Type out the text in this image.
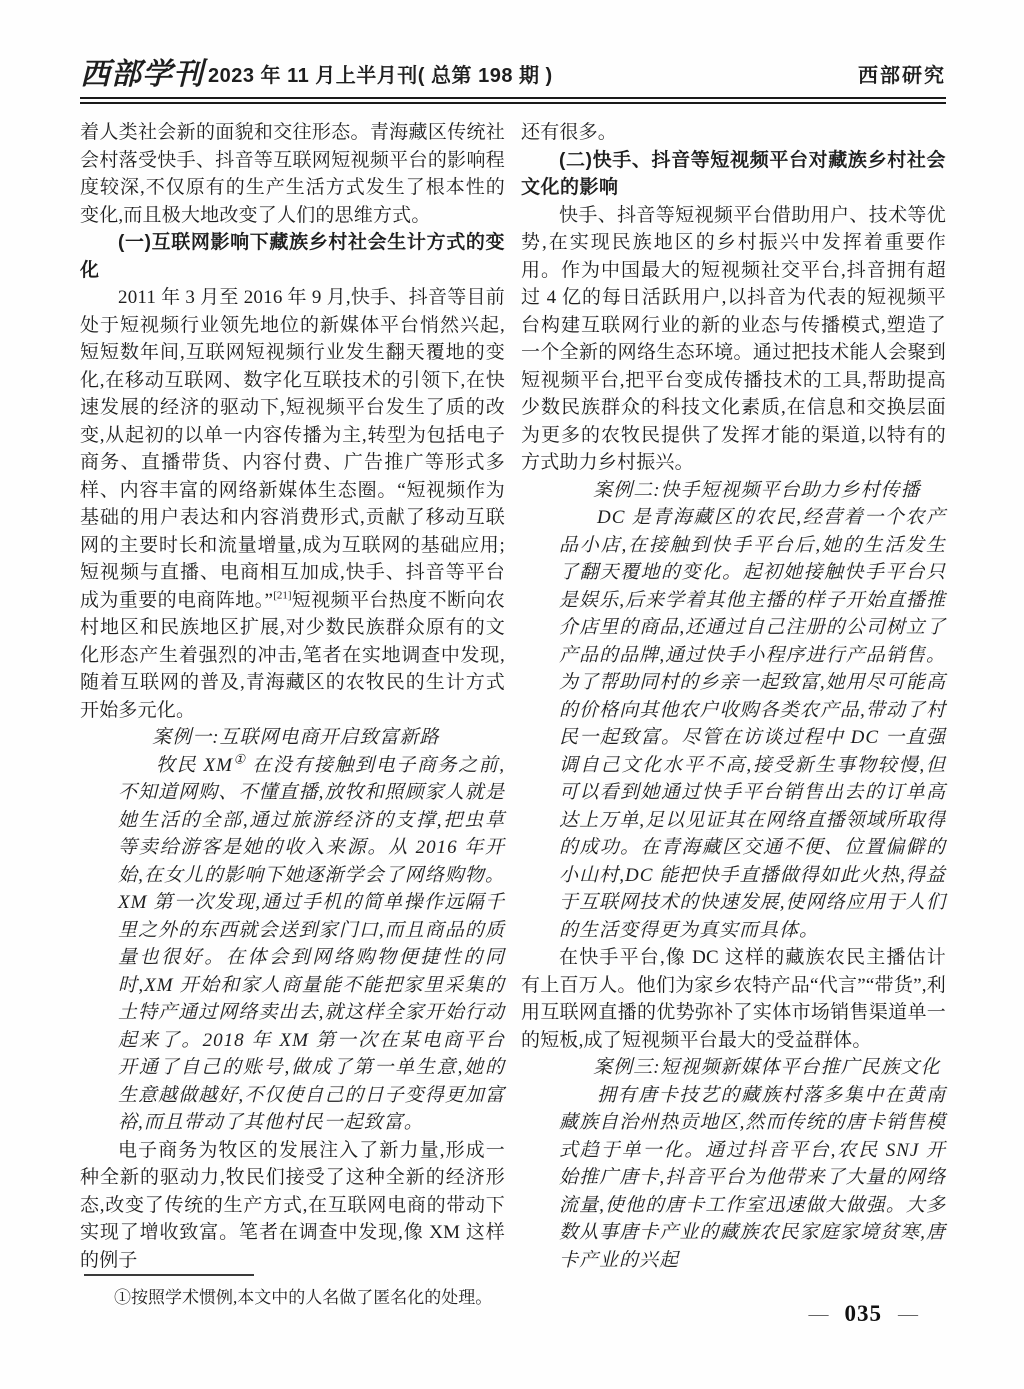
西部学刊 2023 年 11 月上半月刊( 总第 198 期 )	西部研究

着人类社会新的面貌和交往形态。青海藏区传统社会村落受快手、抖音等互联网短视频平台的影响程度较深,不仅原有的生产生活方式发生了根本性的变化,而且极大地改变了人们的思维方式。

(一)互联网影响下藏族乡村社会生计方式的变化

2011 年 3 月至 2016 年 9 月,快手、抖音等目前处于短视频行业领先地位的新媒体平台悄然兴起,短短数年间,互联网短视频行业发生翻天覆地的变化,在移动互联网、数字化互联技术的引领下,在快速发展的经济的驱动下,短视频平台发生了质的改变,从起初的以单一内容传播为主,转型为包括电子商务、直播带货、内容付费、广告推广等形式多样、内容丰富的网络新媒体生态圈。“短视频作为基础的用户表达和内容消费形式,贡献了移动互联网的主要时长和流量增量,成为互联网的基础应用;短视频与直播、电商相互加成,快手、抖音等平台成为重要的电商阵地。”[21]短视频平台热度不断向农村地区和民族地区扩展,对少数民族群众原有的文化形态产生着强烈的冲击,笔者在实地调查中发现,随着互联网的普及,青海藏区的农牧民的生计方式开始多元化。

案例一:互联网电商开启致富新路

牧民 XM① 在没有接触到电子商务之前,不知道网购、不懂直播,放牧和照顾家人就是她生活的全部,通过旅游经济的支撑,把虫草等卖给游客是她的收入来源。从 2016 年开始,在女儿的影响下她逐渐学会了网络购物。XM 第一次发现,通过手机的简单操作远隔千里之外的东西就会送到家门口,而且商品的质量也很好。在体会到网络购物便捷性的同时,XM 开始和家人商量能不能把家里采集的土特产通过网络卖出去,就这样全家开始行动起来了。2018 年 XM 第一次在某电商平台开通了自己的账号,做成了第一单生意,她的生意越做越好,不仅使自己的日子变得更加富裕,而且带动了其他村民一起致富。

电子商务为牧区的发展注入了新力量,形成一种全新的驱动力,牧民们接受了这种全新的经济形态,改变了传统的生产方式,在互联网电商的带动下实现了增收致富。笔者在调查中发现,像 XM 这样的例子

①按照学术惯例,本文中的人名做了匿名化的处理。

还有很多。

(二)快手、抖音等短视频平台对藏族乡村社会文化的影响

快手、抖音等短视频平台借助用户、技术等优势,在实现民族地区的乡村振兴中发挥着重要作用。作为中国最大的短视频社交平台,抖音拥有超过 4 亿的每日活跃用户,以抖音为代表的短视频平台构建互联网行业的新的业态与传播模式,塑造了一个全新的网络生态环境。通过把技术能人会聚到短视频平台,把平台变成传播技术的工具,帮助提高少数民族群众的科技文化素质,在信息和交换层面为更多的农牧民提供了发挥才能的渠道,以特有的方式助力乡村振兴。

案例二:快手短视频平台助力乡村传播

DC 是青海藏区的农民,经营着一个农产品小店,在接触到快手平台后,她的生活发生了翻天覆地的变化。起初她接触快手平台只是娱乐,后来学着其他主播的样子开始直播推介店里的商品,还通过自己注册的公司树立了产品的品牌,通过快手小程序进行产品销售。为了帮助同村的乡亲一起致富,她用尽可能高的价格向其他农户收购各类农产品,带动了村民一起致富。尽管在访谈过程中 DC 一直强调自己文化水平不高,接受新生事物较慢,但可以看到她通过快手平台销售出去的订单高达上万单,足以见证其在网络直播领域所取得的成功。在青海藏区交通不便、位置偏僻的小山村,DC 能把快手直播做得如此火热,得益于互联网技术的快速发展,使网络应用于人们的生活变得更为真实而具体。

在快手平台,像 DC 这样的藏族农民主播估计有上百万人。他们为家乡农特产品“代言”“带货”,利用互联网直播的优势弥补了实体市场销售渠道单一的短板,成了短视频平台最大的受益群体。

案例三:短视频新媒体平台推广民族文化

拥有唐卡技艺的藏族村落多集中在黄南藏族自治州热贡地区,然而传统的唐卡销售模式趋于单一化。通过抖音平台,农民 SNJ 开始推广唐卡,抖音平台为他带来了大量的网络流量,使他的唐卡工作室迅速做大做强。大多数从事唐卡产业的藏族农民家庭家境贫寒,唐卡产业的兴起

— 035 —
